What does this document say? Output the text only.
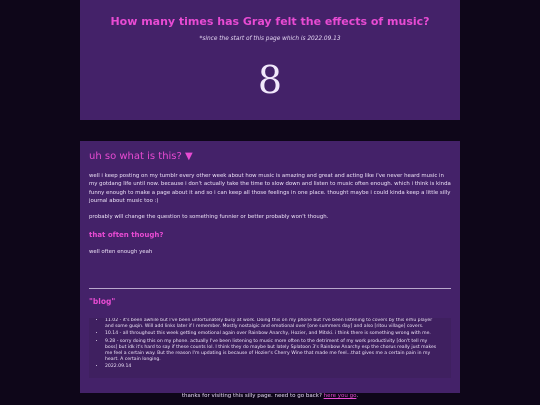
How many times has Gray felt the effects of music?
*since the start of this page which is 2022.09.13
8
uh so what is this? ▼

well i keep posting on my tumblr every other week about how music is amazing and great and acting like i've never heard music in my gotdang life until now. because i don't actually take the time to slow down and listen to music often enough. which i think is kinda funny enough to make a page about it and so i can keep all those feelings in one place. thought maybe i could kinda keep a little silly journal about music too :)

probably will change the question to something funnier or better probably won't though.

that often though?

well often enough yeah

"blog"
• 11.02 - it's been awhile but I've been unfortunately busy at work. Doing this on my phone but I've been listening to covers by this erhu player and some guqin. Will add links later if I remember. Mostly nostalgic and emotional over [one summers day] and also [ritou village] covers.
• 10.14 - all throughout this week getting emotional again over Rainbow Anarchy, Hozier, and Mitski. i think there is something wrong with me.
• 9.28 - sorry doing this on my phone. actually I've been listening to music more often to the detriment of my work productivity [don't tell my boss] but idk it's hard to say if these counts lol. I think they do maybe but lately Splatoon 3's Rainbow Anarchy esp the chorus really just makes me feel a certain way. But the reason I'm updating is because of Hozier's Cherry Wine that made me feel...that gives me a certain pain in my heart. A certain longing.
• 2022.09.14
thanks for visiting this silly page. need to go back? here you go.
